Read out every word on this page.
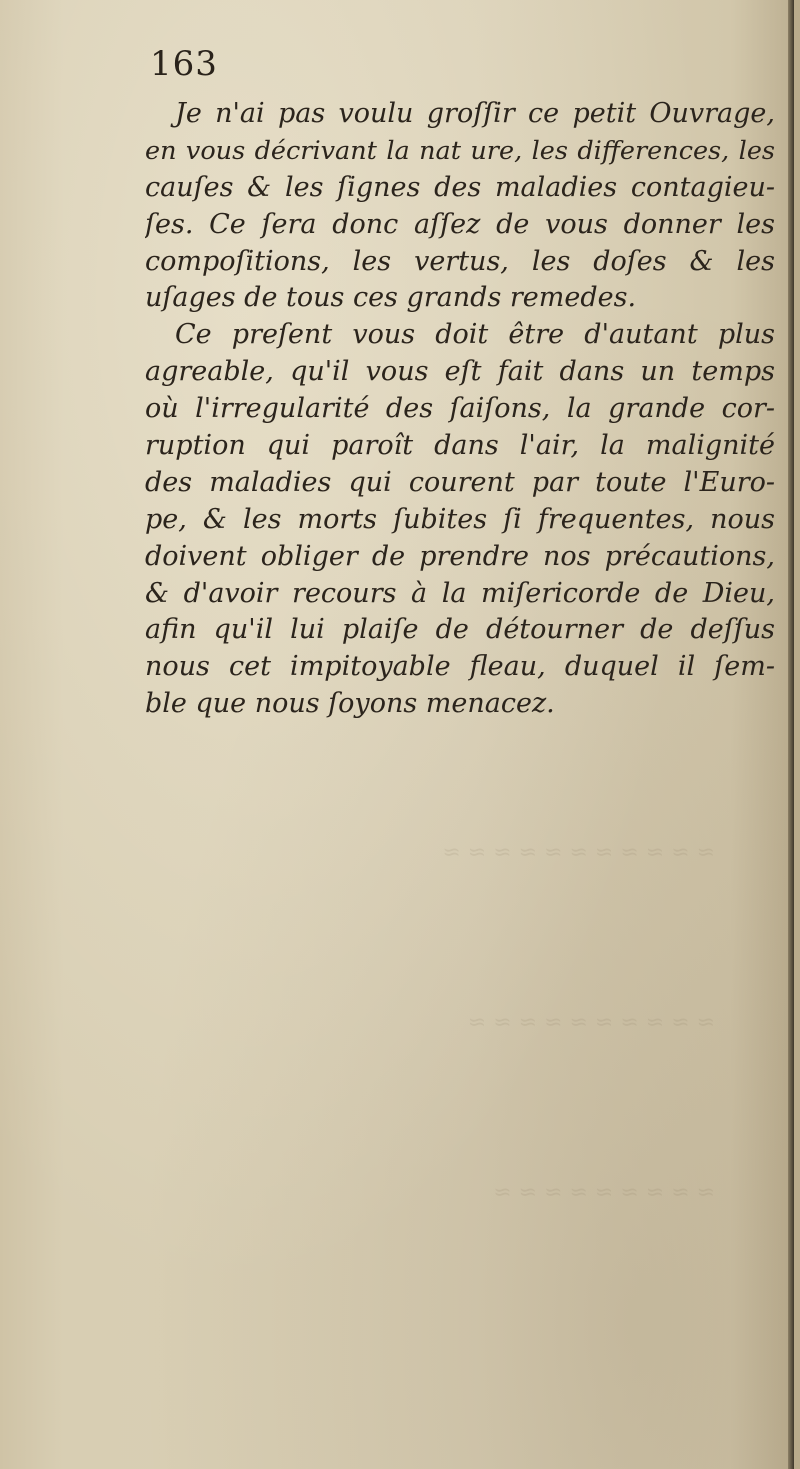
≈ ≈ ≈ ≈ ≈ ≈ ≈ ≈ ≈ ≈ ≈
≈ ≈ ≈ ≈ ≈ ≈ ≈ ≈ ≈ ≈
≈ ≈ ≈ ≈ ≈ ≈ ≈ ≈ ≈
163
Je n'ai pas voulu groſſir ce petit Ouvrage,
en vous décrivant la nat ure, les differences, les
cauſes & les ſignes des maladies contagieu-
ſes. Ce ſera donc aſſez de vous donner les
compoſitions, les vertus, les doſes & les
uſages de tous ces grands remedes.
Ce preſent vous doit être d'autant plus
agreable, qu'il vous eſt fait dans un temps
où l'irregularité des ſaiſons, la grande cor-
ruption qui paroît dans l'air, la malignité
des maladies qui courent par toute l'Euro-
pe, & les morts ſubites ſi frequentes, nous
doivent obliger de prendre nos précautions,
& d'avoir recours à la miſericorde de Dieu,
afin qu'il lui plaiſe de détourner de deſſus
nous cet impitoyable fleau, duquel il ſem-
ble que nous ſoyons menacez.
